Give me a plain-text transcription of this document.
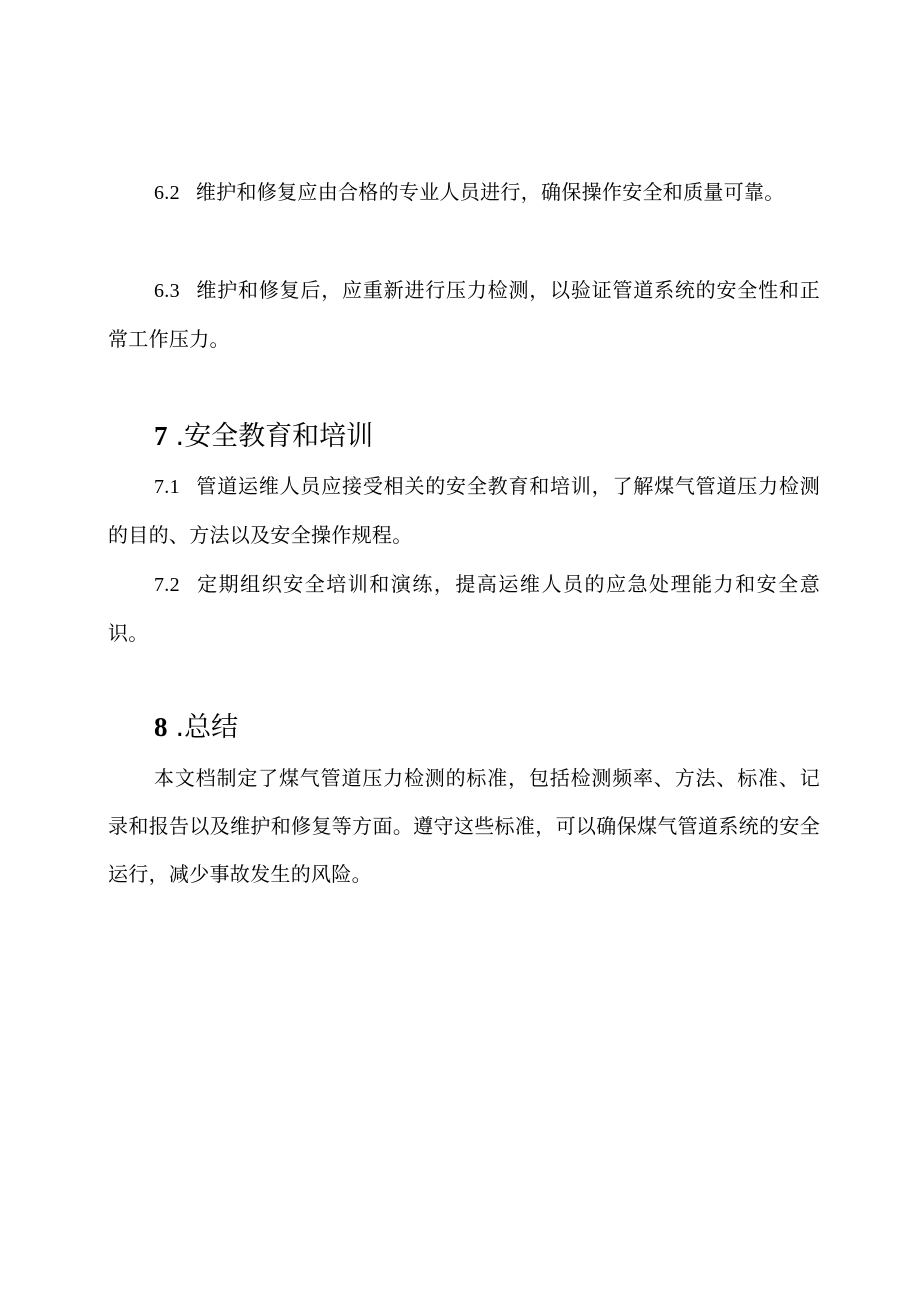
6.2 维护和修复应由合格的专业人员进行，确保操作安全和质量可靠。

6.3 维护和修复后，应重新进行压力检测，以验证管道系统的安全性和正常工作压力。

7 .安全教育和培训

7.1 管道运维人员应接受相关的安全教育和培训，了解煤气管道压力检测的目的、方法以及安全操作规程。

7.2 定期组织安全培训和演练，提高运维人员的应急处理能力和安全意识。

8 .总结

本文档制定了煤气管道压力检测的标准，包括检测频率、方法、标准、记录和报告以及维护和修复等方面。遵守这些标准，可以确保煤气管道系统的安全运行，减少事故发生的风险。
